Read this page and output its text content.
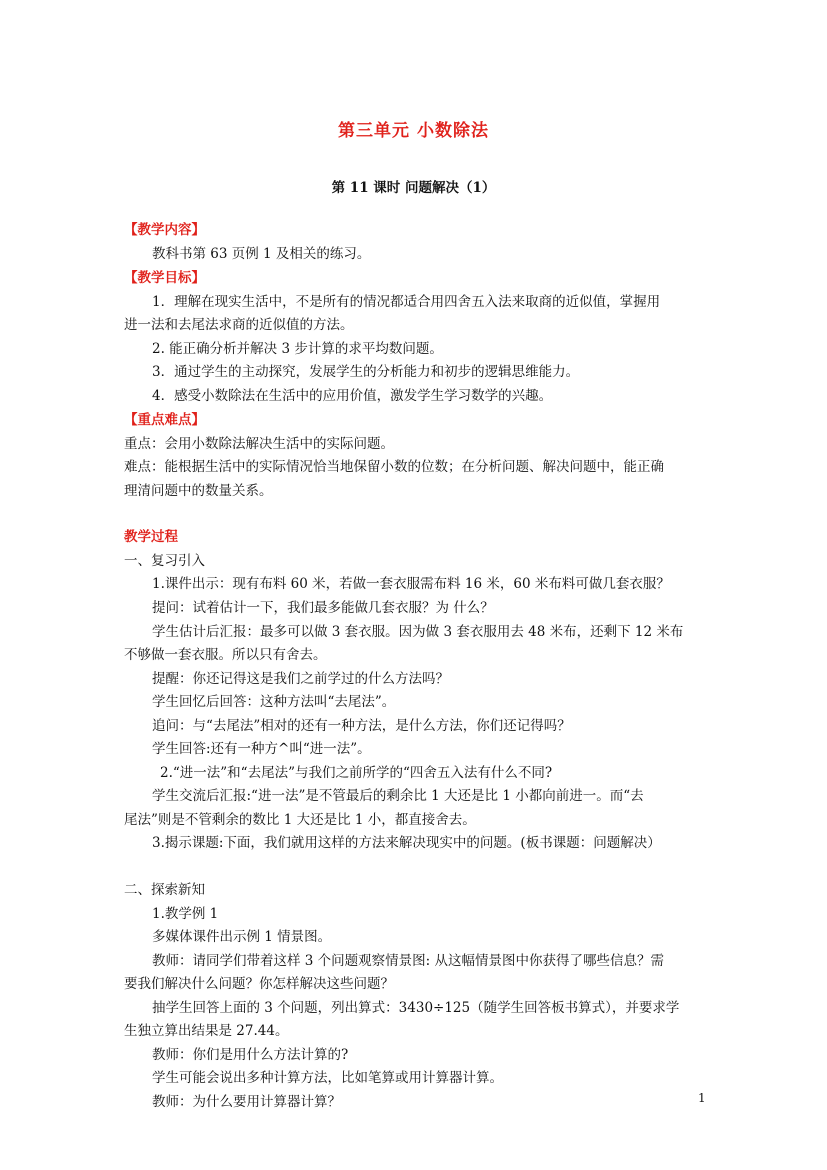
第三单元 小数除法
第 11 课时 问题解决（1）
【教学内容】
教科书第 63 页例 1 及相关的练习。
【教学目标】
1．理解在现实生活中，不是所有的情况都适合用四舍五入法来取商的近似值，掌握用
进一法和去尾法求商的近似值的方法。
2. 能正确分析并解决 3 步计算的求平均数问题。
3．通过学生的主动探究，发展学生的分析能力和初步的逻辑思维能力。
4．感受小数除法在生活中的应用价值，激发学生学习数学的兴趣。
【重点难点】
重点：会用小数除法解决生活中的实际问题。
难点：能根据生活中的实际情况恰当地保留小数的位数；在分析问题、解决问题中，能正确
理清问题中的数量关系。
教学过程
一、复习引入
1.课件出示：现有布料 60 米，若做一套衣服需布料 16 米，60 米布料可做几套衣服？
提问：试着估计一下，我们最多能做几套衣服？为 什么？
学生估计后汇报：最多可以做 3 套衣服。因为做 3 套衣服用去 48 米布，还剩下 12 米布
不够做一套衣服。所以只有舍去。
提醒：你还记得这是我们之前学过的什么方法吗？
学生回忆后回答：这种方法叫“去尾法”。
追问：与“去尾法”相对的还有一种方法，是什么方法，你们还记得吗？
学生回答:还有一种方^叫“进一法”。
2.“进一法”和“去尾法”与我们之前所学的“四舍五入法有什么不同?
学生交流后汇报:“进一法”是不管最后的剩余比 1 大还是比 1 小都向前进一。而“去
尾法”则是不管剩余的数比 1 大还是比 1 小，都直接舍去。
3.揭示课题:下面，我们就用这样的方法来解决现实中的问题。(板书课题：问题解决）
二、探索新知
1.教学例 1
多媒体课件出示例 1 情景图。
教师：请同学们带着这样 3 个问题观察情景图: 从这幅情景图中你获得了哪些信息？需
要我们解决什么问题？你怎样解决这些问题？
抽学生回答上面的 3 个问题，列出算式：3430÷125（随学生回答板书算式），并要求学
生独立算出结果是 27.44。
教师：你们是用什么方法计算的?
学生可能会说出多种计算方法，比如笔算或用计算器计算。
教师：为什么要用计算器计算？	1
